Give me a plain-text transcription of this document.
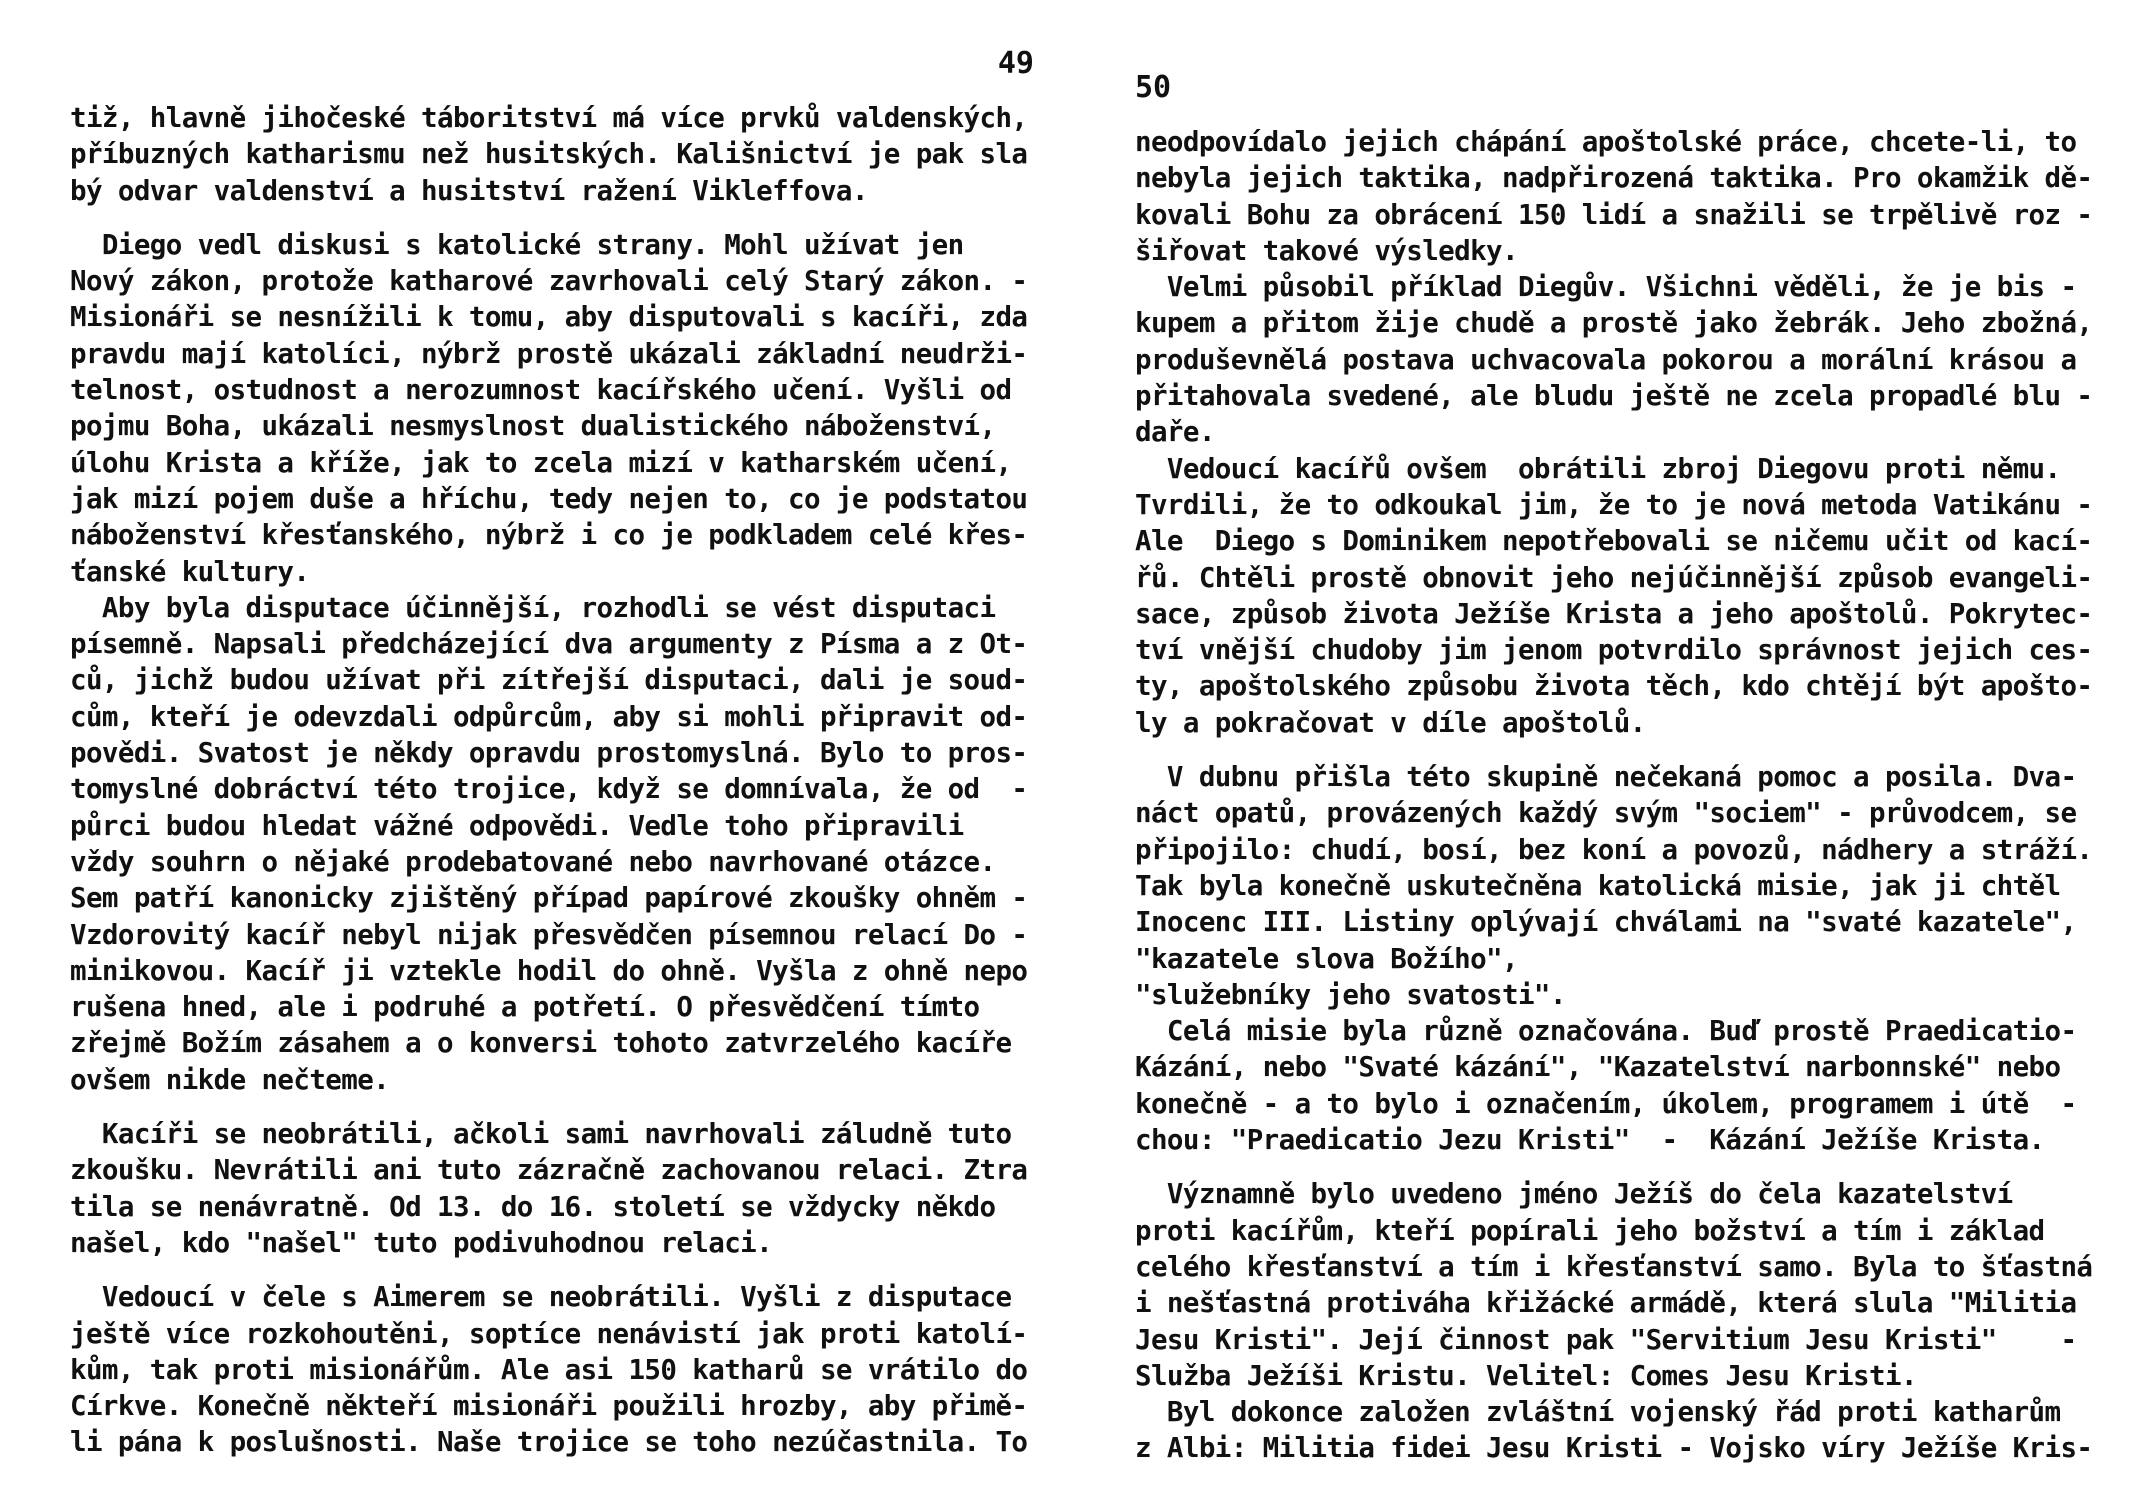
49
tiž, hlavně jihočeské táboritství má více prvků valdenských,
příbuzných katharismu než husitských. Kališnictví je pak sla
bý odvar valdenství a husitství ražení Vikleffova.
Diego vedl diskusi s katolické strany. Mohl užívat jen
Nový zákon, protože katharové zavrhovali celý Starý zákon. -
Misionáři se nesnížili k tomu, aby disputovali s kacíři, zda
pravdu mají katolíci, nýbrž prostě ukázali základní neudrži-
telnost, ostudnost a nerozumnost kacířského učení. Vyšli od
pojmu Boha, ukázali nesmyslnost dualistického náboženství,
úlohu Krista a kříže, jak to zcela mizí v katharském učení,
jak mizí pojem duše a hříchu, tedy nejen to, co je podstatou
náboženství křesťanského, nýbrž i co je podkladem celé křes-
ťanské kultury.
Aby byla disputace účinnější, rozhodli se vést disputaci
písemně. Napsali předcházející dva argumenty z Písma a z Ot-
ců, jichž budou užívat při zítřejší disputaci, dali je soud-
cům, kteří je odevzdali odpůrcům, aby si mohli připravit od-
povědi. Svatost je někdy opravdu prostomyslná. Bylo to pros-
tomyslné dobráctví této trojice, když se domnívala, že od  -
půrci budou hledat vážné odpovědi. Vedle toho připravili
vždy souhrn o nějaké prodebatované nebo navrhované otázce.
Sem patří kanonicky zjištěný případ papírové zkoušky ohněm -
Vzdorovitý kacíř nebyl nijak přesvědčen písemnou relací Do -
minikovou. Kacíř ji vztekle hodil do ohně. Vyšla z ohně nepo
rušena hned, ale i podruhé a potřetí. O přesvědčení tímto
zřejmě Božím zásahem a o konversi tohoto zatvrzelého kacíře
ovšem nikde nečteme.
Kacíři se neobrátili, ačkoli sami navrhovali záludně tuto
zkoušku. Nevrátili ani tuto zázračně zachovanou relaci. Ztra
tila se nenávratně. Od 13. do 16. století se vždycky někdo
našel, kdo "našel" tuto podivuhodnou relaci.
Vedoucí v čele s Aimerem se neobrátili. Vyšli z disputace
ještě více rozkohoutěni, soptíce nenávistí jak proti katolí-
kům, tak proti misionářům. Ale asi 150 katharů se vrátilo do
Církve. Konečně někteří misionáři použili hrozby, aby přimě-
li pána k poslušnosti. Naše trojice se toho nezúčastnila. To
50
neodpovídalo jejich chápání apoštolské práce, chcete-li, to
nebyla jejich taktika, nadpřirozená taktika. Pro okamžik dě-
kovali Bohu za obrácení 150 lidí a snažili se trpělivě roz -
šiřovat takové výsledky.
Velmi působil příklad Diegův. Všichni věděli, že je bis -
kupem a přitom žije chudě a prostě jako žebrák. Jeho zbožná,
produševnělá postava uchvacovala pokorou a morální krásou a
přitahovala svedené, ale bludu ještě ne zcela propadlé blu -
daře.
Vedoucí kacířů ovšem  obrátili zbroj Diegovu proti němu.
Tvrdili, že to odkoukal jim, že to je nová metoda Vatikánu -
Ale  Diego s Dominikem nepotřebovali se ničemu učit od kací-
řů. Chtěli prostě obnovit jeho nejúčinnější způsob evangeli-
sace, způsob života Ježíše Krista a jeho apoštolů. Pokrytec-
tví vnější chudoby jim jenom potvrdilo správnost jejich ces-
ty, apoštolského způsobu života těch, kdo chtějí být apošto-
ly a pokračovat v díle apoštolů.
V dubnu přišla této skupině nečekaná pomoc a posila. Dva-
náct opatů, provázených každý svým "sociem" - průvodcem, se
připojilo: chudí, bosí, bez koní a povozů, nádhery a stráží.
Tak byla konečně uskutečněna katolická misie, jak ji chtěl
Inocenc III. Listiny oplývají chválami na "svaté kazatele",
"kazatele slova Božího",
"služebníky jeho svatosti".
Celá misie byla různě označována. Buď prostě Praedicatio-
Kázání, nebo "Svaté kázání", "Kazatelství narbonnské" nebo
konečně - a to bylo i označením, úkolem, programem i útě  -
chou: "Praedicatio Jezu Kristi"  -  Kázání Ježíše Krista.
Významně bylo uvedeno jméno Ježíš do čela kazatelství
proti kacířům, kteří popírali jeho božství a tím i základ
celého křesťanství a tím i křesťanství samo. Byla to šťastná
i nešťastná protiváha křižácké armádě, která slula "Militia
Jesu Kristi". Její činnost pak "Servitium Jesu Kristi"    -
Služba Ježíši Kristu. Velitel: Comes Jesu Kristi.
Byl dokonce založen zvláštní vojenský řád proti katharům
z Albi: Militia fidei Jesu Kristi - Vojsko víry Ježíše Kris-
